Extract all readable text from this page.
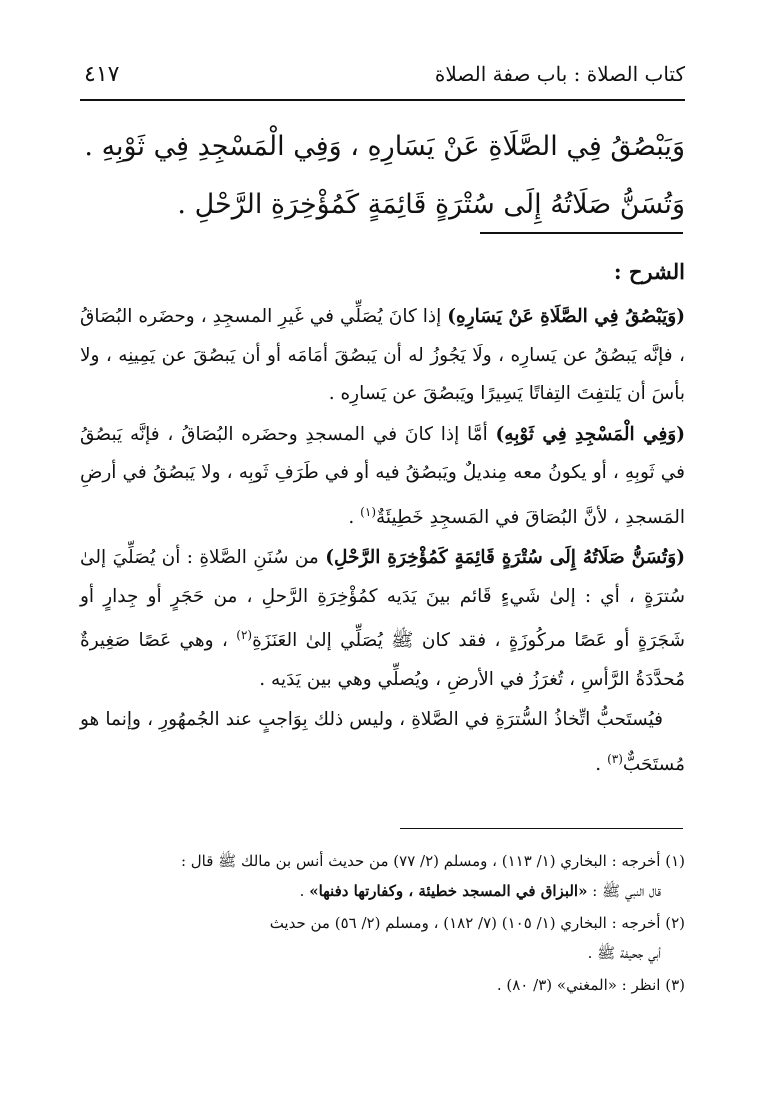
كتاب الصلاة : باب صفة الصلاة
٤١٧
وَيَبْصُقُ فِي الصَّلَاةِ عَنْ يَسَارِهِ ، وَفِي الْمَسْجِدِ فِي ثَوْبِهِ .
وَتُسَنُّ صَلَاتُهُ إِلَى سُتْرَةٍ قَائِمَةٍ كَمُؤْخِرَةِ الرَّحْلِ .
الشرح :

(وَيَبْصُقُ فِي الصَّلَاةِ عَنْ يَسَارِهِ) إذا كانَ يُصَلِّي في غَيرِ المسجِدِ ، وحضَره البُصَاقُ ، فإنَّه يَبصُقُ عن يَسارِه ، ولَا يَجُوزُ له أن يَبصُقَ أمَامَه أو أن يَبصُقَ عن يَمِينِه ، ولا بأسَ أن يَلتفِتَ التِفاتًا يَسِيرًا ويَبصُقَ عن يَسارِه .

(وَفِي الْمَسْجِدِ فِي ثَوْبِهِ) أمَّا إذا كانَ في المسجدِ وحضَره البُصَاقُ ، فإنَّه يَبصُقُ في ثَوبِهِ ، أو يكونُ معه مِنديلٌ ويَبصُقُ فيه أو في طَرَفِ ثَوبِه ، ولا يَبصُقُ في أرضِ المَسجدِ ، لأنَّ البُصَاقَ في المَسجِدِ خَطِيئَةٌ$^{(١)}$ .

(وَتُسَنُّ صَلَاتُهُ إِلَى سُتْرَةٍ قَائِمَةٍ كَمُؤْخِرَةِ الرَّحْلِ) من سُنَنِ الصَّلاةِ : أن يُصَلِّيَ إلىٰ سُترَةٍ ، أي : إلىٰ شَيءٍ قَائم بينَ يَدَيه كمُؤْخِرَةِ الرَّحلِ ، من حَجَرٍ أو جِدارٍ أو شَجَرَةٍ أو عَصًا مركُوزَةٍ ، فقد كان ﷺ يُصَلِّي إلىٰ العَنَزَةِ$^{(٢)}$ ، وهي عَصًا صَغِيرةٌ مُحدَّدَةُ الرَّأسِ ، تُغرَزُ في الأرضِ ، ويُصلِّي وهي بين يَدَيه .

فيُستَحبُّ اتِّخاذُ السُّترَةِ في الصَّلاةِ ، وليس ذلك بِوَاجبٍ عند الجُمهُورِ ، وإنما هو مُستَحَبٌّ$^{(٣)}$ .

(١) أخرجه : البخاري (١/ ١١٣) ، ومسلم (٢/ ٧٧) من حديث أنس بن مالك ﷺ قال :
قال النبي ﷺ : «البزاق في المسجد خطيئة ، وكفارتها دفنها» .
(٢) أخرجه : البخاري (١/ ١٠٥) (٧/ ١٨٢) ، ومسلم (٢/ ٥٦) من حديث
أبي جحيفة ﷺ .
(٣) انظر : «المغني» (٣/ ٨٠) .
